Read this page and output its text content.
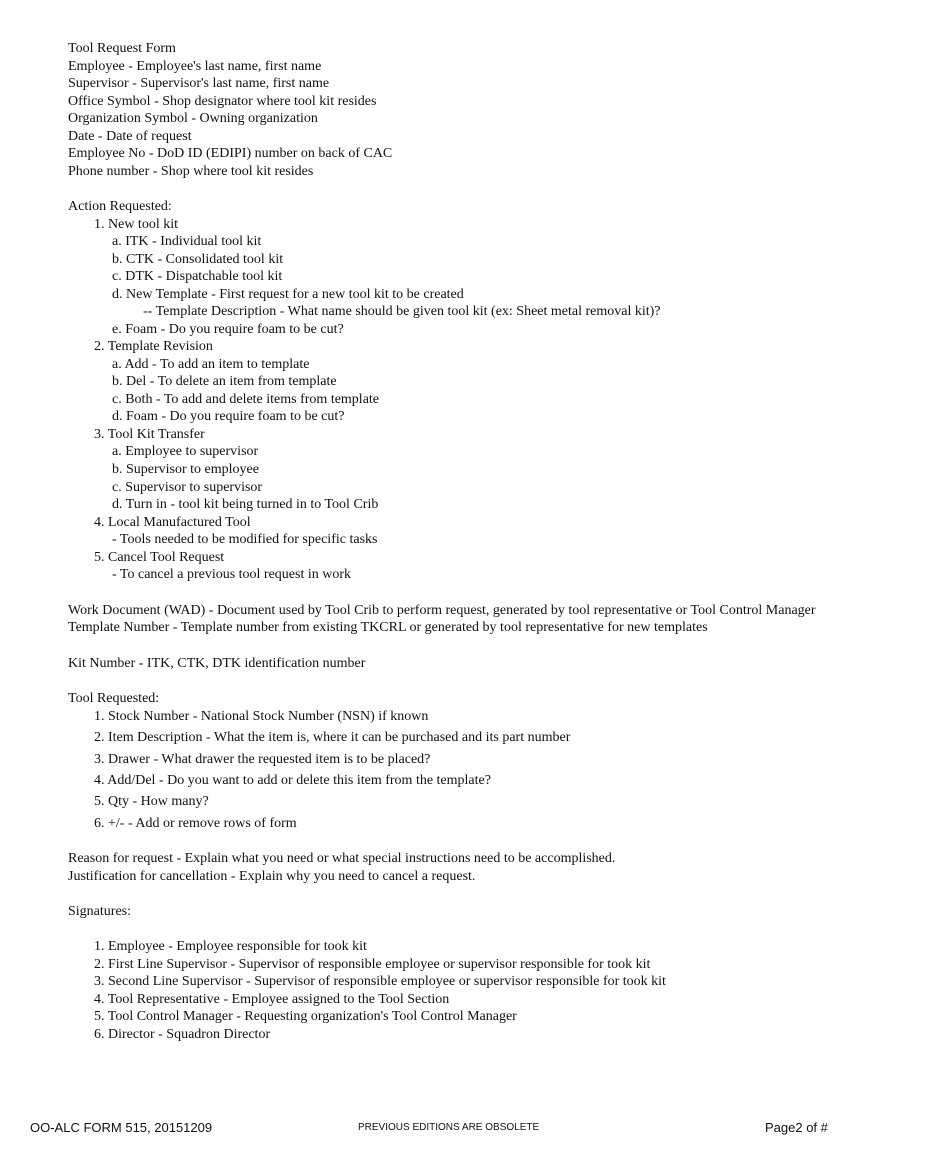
Tool Request Form
Employee - Employee's last name, first name
Supervisor - Supervisor's last name, first name
Office Symbol - Shop designator where tool kit resides
Organization Symbol - Owning organization
Date - Date of request
Employee No - DoD ID (EDIPI) number on back of CAC
Phone number - Shop where tool kit resides
Action Requested:
1. New tool kit
a. ITK - Individual tool kit
b. CTK - Consolidated tool kit
c. DTK - Dispatchable tool kit
d. New Template - First request for a new tool kit to be created
-- Template Description - What name should be given tool kit (ex: Sheet metal removal kit)?
e. Foam - Do you require foam to be cut?
2. Template Revision
a. Add - To add an item to template
b. Del - To delete an item from template
c. Both - To add and delete items from template
d. Foam - Do you require foam to be cut?
3. Tool Kit Transfer
a. Employee to supervisor
b. Supervisor to employee
c. Supervisor to supervisor
d. Turn in - tool kit being turned in to Tool Crib
4. Local Manufactured Tool
- Tools needed to be modified for specific tasks
5. Cancel Tool Request
- To cancel a previous tool request in work
Work Document (WAD) - Document used by Tool Crib to perform request, generated by tool representative or Tool Control Manager
Template Number - Template number from existing TKCRL or generated by tool representative for new templates
Kit Number - ITK, CTK, DTK identification number
Tool Requested:
1. Stock Number - National Stock Number (NSN) if known
2. Item Description - What the item is, where it can be purchased and its part number
3. Drawer - What drawer the requested item is to be placed?
4. Add/Del - Do you want to add or delete this item from the template?
5. Qty - How many?
6. +/- - Add or remove rows of form
Reason for request - Explain what you need or what special instructions need to be accomplished.
Justification for cancellation - Explain why you need to cancel a request.
Signatures:
1. Employee - Employee responsible for took kit
2. First Line Supervisor - Supervisor of responsible employee or supervisor responsible for took kit
3. Second Line Supervisor - Supervisor of responsible employee or supervisor responsible for took kit
4. Tool Representative - Employee assigned to the Tool Section
5. Tool Control Manager - Requesting organization's Tool Control Manager
6. Director - Squadron Director
OO-ALC FORM 515, 20151209	PREVIOUS EDITIONS ARE OBSOLETE	Page2 of #
